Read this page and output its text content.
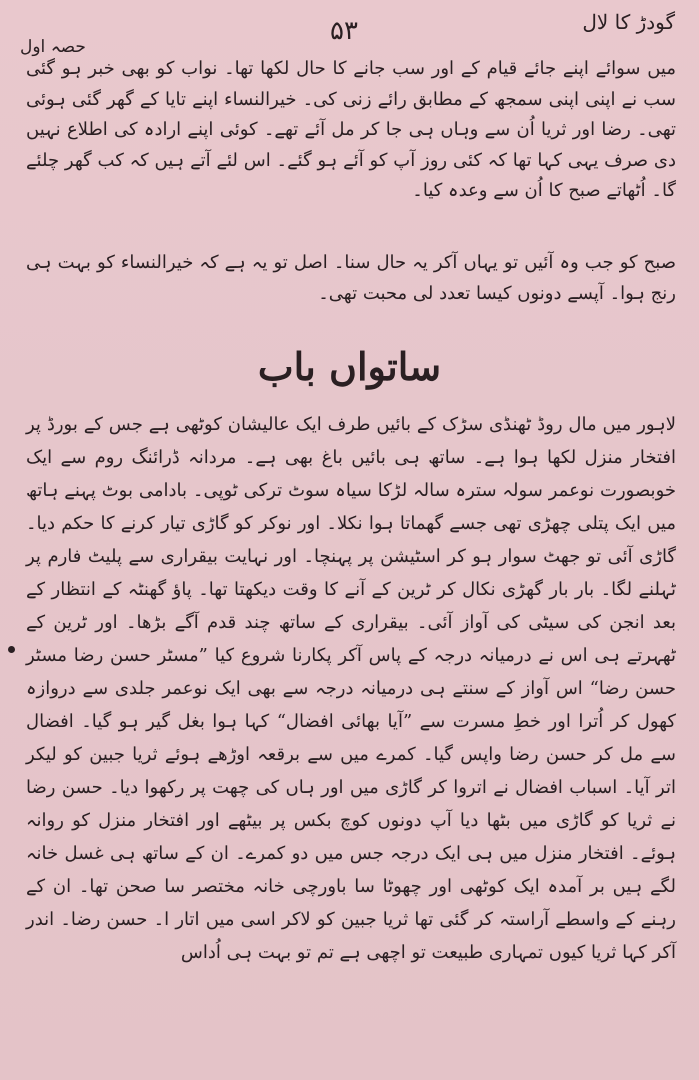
حصہ اول
۵۳	گودڑ کا لال
میں سوائے اپنے جائے قیام کے اور سب جانے کا حال لکھا تھا۔ نواب کو بھی خبر ہو گئی سب نے اپنی اپنی سمجھ کے مطابق رائے زنی کی۔ خیرالنساء اپنے تایا کے گھر گئی ہوئی تھی۔ رضا اور ثریا اُن سے وہاں ہی جا کر مل آئے تھے۔ کوئی اپنے ارادہ کی اطلاع نہیں دی صرف یہی کہا تھا کہ کئی روز آپ کو آئے ہو گئے۔ اس لئے آتے ہیں کہ کب گھر چلئے گا۔ اُٹھاتے صبح کا اُن سے وعدہ کیا۔
صبح کو جب وہ آئیں تو یہاں آکر یہ حال سنا۔ اصل تو یہ ہے کہ خیرالنساء کو بہت ہی رنج ہوا۔ آپسے دونوں کیسا تعدد لی محبت تھی۔
ساتواں باب
لاہور میں مال روڈ ٹھنڈی سڑک کے بائیں طرف ایک عالیشان کوٹھی ہے جس کے بورڈ پر افتخار منزل لکھا ہوا ہے۔ ساتھ ہی بائیں باغ بھی ہے۔ مردانہ ڈرائنگ روم سے ایک خوبصورت نوعمر سولہ سترہ سالہ لڑکا سیاہ سوٹ ترکی ٹوپی۔ بادامی بوٹ پہنے ہاتھ میں ایک پتلی چھڑی تھی جسے گھماتا ہوا نکلا۔ اور نوکر کو گاڑی تیار کرنے کا حکم دیا۔ گاڑی آئی تو جھٹ سوار ہو کر اسٹیشن پر پہنچا۔ اور نہایت بیقراری سے پلیٹ فارم پر ٹہلنے لگا۔ بار بار گھڑی نکال کر ٹرین کے آنے کا وقت دیکھتا تھا۔ پاؤ گھنٹہ کے انتظار کے بعد انجن کی سیٹی کی آواز آئی۔ بیقراری کے ساتھ چند قدم آگے بڑھا۔ اور ٹرین کے ٹھہرتے ہی اس نے درمیانہ درجہ کے پاس آکر پکارنا شروع کیا ”مسٹر حسن رضا مسٹر حسن رضا“ اس آواز کے سنتے ہی درمیانہ درجہ سے بھی ایک نوعمر جلدی سے دروازہ کھول کر اُترا اور خطِ مسرت سے ”آیا بھائی افضال“ کہا ہوا بغل گیر ہو گیا۔ افضال سے مل کر حسن رضا واپس گیا۔ کمرے میں سے برقعہ اوڑھے ہوئے ثریا جبین کو لیکر اتر آیا۔ اسباب افضال نے اتروا کر گاڑی میں اور ہاں کی چھت پر رکھوا دیا۔ حسن رضا نے ثریا کو گاڑی میں بٹھا دیا آپ دونوں کوچ بکس پر بیٹھے اور افتخار منزل کو روانہ ہوئے۔ افتخار منزل میں ہی ایک درجہ جس میں دو کمرے۔ ان کے ساتھ ہی غسل خانہ لگے ہیں بر آمدہ ایک کوٹھی اور چھوٹا سا باورچی خانہ مختصر سا صحن تھا۔ ان کے رہنے کے واسطے آراستہ کر گئی تھا ثریا جبین کو لاکر اسی میں اتار ا۔ حسن رضا۔ اندر آکر کہا ثریا کیوں تمہاری طبیعت تو اچھی ہے تم تو بہت ہی اُداس
